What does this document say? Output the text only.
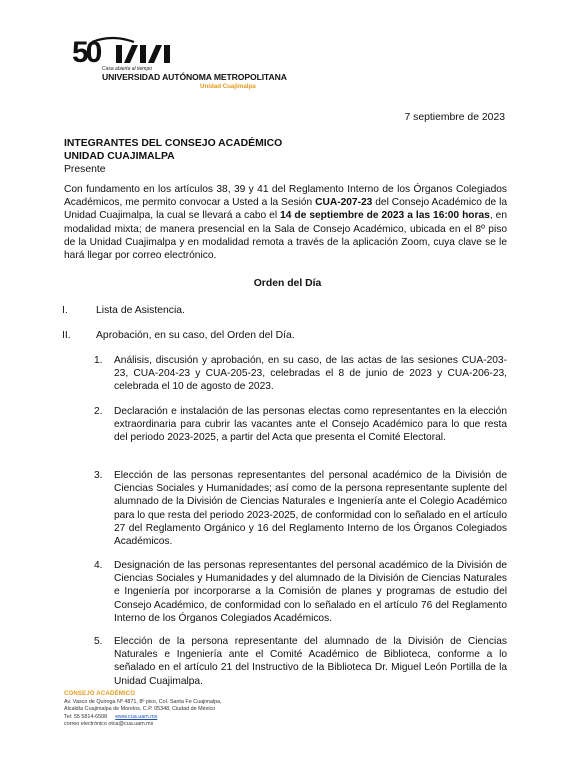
50 Casa abierta al tiempo
UNIVERSIDAD AUTÓNOMA METROPOLITANA
Unidad Cuajimalpa
7 septiembre de 2023
INTEGRANTES DEL CONSEJO ACADÉMICO
UNIDAD CUAJIMALPA
Presente
Con fundamento en los artículos 38, 39 y 41 del Reglamento Interno de los Órganos Colegiados Académicos, me permito convocar a Usted a la Sesión CUA-207-23 del Consejo Académico de la Unidad Cuajimalpa, la cual se llevará a cabo el 14 de septiembre de 2023 a las 16:00 horas, en modalidad mixta; de manera presencial en la Sala de Consejo Académico, ubicada en el 8º piso de la Unidad Cuajimalpa y en modalidad remota a través de la aplicación Zoom, cuya clave se le hará llegar por correo electrónico.
Orden del Día
I.	Lista de Asistencia.
II. Aprobación, en su caso, del Orden del Día.
1. Análisis, discusión y aprobación, en su caso, de las actas de las sesiones CUA-203-23, CUA-204-23 y CUA-205-23, celebradas el 8 de junio de 2023 y CUA-206-23, celebrada el 10 de agosto de 2023.
2. Declaración e instalación de las personas electas como representantes en la elección extraordinaria para cubrir las vacantes ante el Consejo Académico para lo que resta del periodo 2023-2025, a partir del Acta que presenta el Comité Electoral.
3. Elección de las personas representantes del personal académico de la División de Ciencias Sociales y Humanidades; así como de la persona representante suplente del alumnado de la División de Ciencias Naturales e Ingeniería ante el Colegio Académico para lo que resta del periodo 2023-2025, de conformidad con lo señalado en el artículo 27 del Reglamento Orgánico y 16 del Reglamento Interno de los Órganos Colegiados Académicos.
4. Designación de las personas representantes del personal académico de la División de Ciencias Sociales y Humanidades y del alumnado de la División de Ciencias Naturales e Ingeniería por incorporarse a la Comisión de planes y programas de estudio del Consejo Académico, de conformidad con lo señalado en el artículo 76 del Reglamento Interno de los Órganos Colegiados Académicos.
5. Elección de la persona representante del alumnado de la División de Ciencias Naturales e Ingeniería ante el Comité Académico de Biblioteca, conforme a lo señalado en el artículo 21 del Instructivo de la Biblioteca Dr. Miguel León Portilla de la Unidad Cuajimalpa.
CONSEJO ACADÉMICO
Av. Vasco de Quiroga Nº 4871, 8º piso, Col. Santa Fe Cuajimalpa,
Alcaldía Cuajimalpa de Morelos, C.P. 05348, Ciudad de México
Tel: 55 5814-6508 www.cua.uam.mx
correo electrónico otca@cua.uam.mx
